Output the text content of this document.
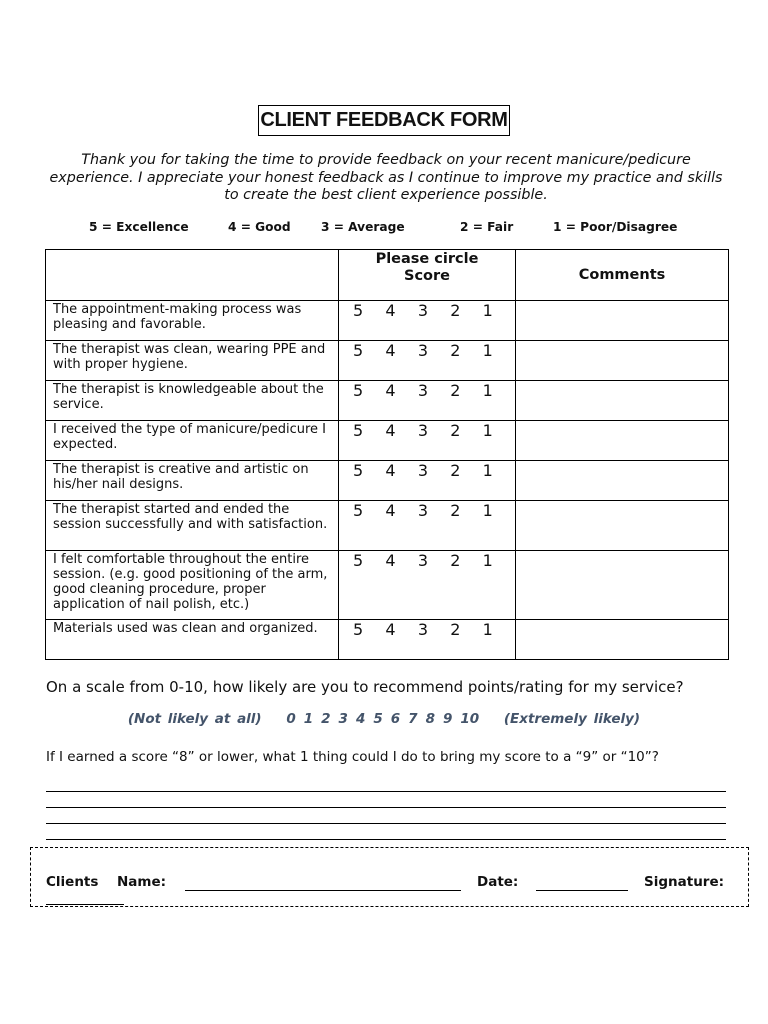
CLIENT FEEDBACK FORM
Thank you for taking the time to provide feedback on your recent manicure/pedicure experience. I appreciate your honest feedback as I continue to improve my practice and skills to create the best client experience possible.
5 = Excellence	4 = Good 3 = Average	2 = Fair	1 = Poor/Disagree
	Please circle Score	Comments
The appointment-making process was pleasing and favorable.	5 4 3 2 1	

The therapist was clean, wearing PPE and with proper hygiene.	5 4 3 2 1	

The therapist is knowledgeable about the service.	5 4 3 2 1	

I received the type of manicure/pedicure I expected.	5 4 3 2 1	

The therapist is creative and artistic on his/her nail designs.	5 4 3 2 1	

The therapist started and ended the session successfully and with satisfaction.	5 4 3 2 1	

I felt comfortable throughout the entire session. (e.g. good positioning of the arm, good cleaning procedure, proper application of nail polish, etc.)	5 4 3 2 1	

Materials used was clean and organized.	5 4 3 2 1	

On a scale from 0-10, how likely are you to recommend points/rating for my service?
(Not likely at all) 0 1 2 3 4 5 6 7 8 9 10 (Extremely likely)
If I earned a score “8” or lower, what 1 thing could I do to bring my score to a “9” or “10”?
Clients Name:	Date:	Signature:
